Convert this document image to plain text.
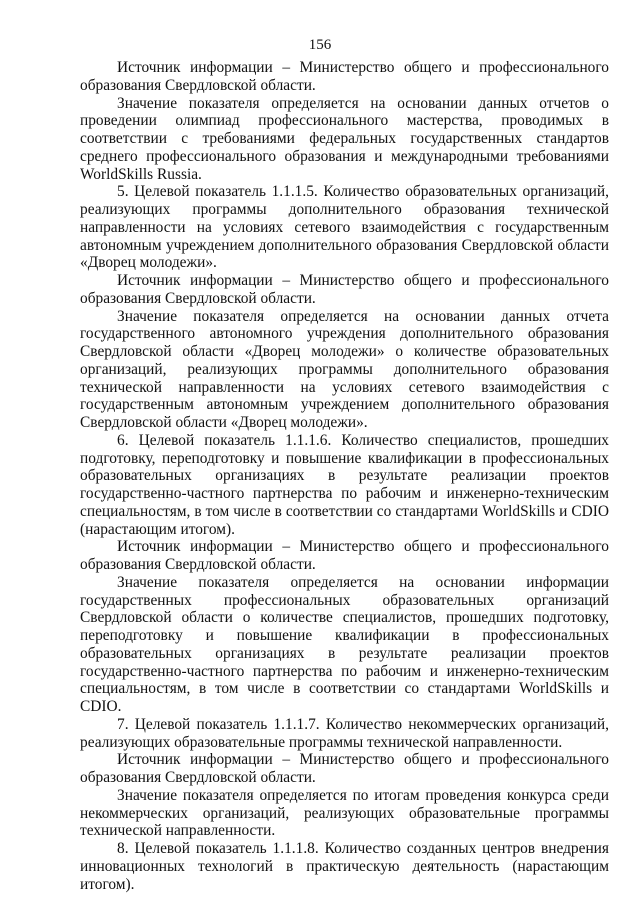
156

Источник информации – Министерство общего и профессионального образования Свердловской области.

Значение показателя определяется на основании данных отчетов о проведении олимпиад профессионального мастерства, проводимых в соответствии с требованиями федеральных государственных стандартов среднего профессионального образования и международными требованиями WorldSkills Russia.

5. Целевой показатель 1.1.1.5. Количество образовательных организаций, реализующих программы дополнительного образования технической направленности на условиях сетевого взаимодействия с государственным автономным учреждением дополнительного образования Свердловской области «Дворец молодежи».

Источник информации – Министерство общего и профессионального образования Свердловской области.

Значение показателя определяется на основании данных отчета государственного автономного учреждения дополнительного образования Свердловской области «Дворец молодежи» о количестве образовательных организаций, реализующих программы дополнительного образования технической направленности на условиях сетевого взаимодействия с государственным автономным учреждением дополнительного образования Свердловской области «Дворец молодежи».

6. Целевой показатель 1.1.1.6. Количество специалистов, прошедших подготовку, переподготовку и повышение квалификации в профессиональных образовательных организациях в результате реализации проектов государственно-частного партнерства по рабочим и инженерно-техническим специальностям, в том числе в соответствии со стандартами WorldSkills и CDIO (нарастающим итогом).

Источник информации – Министерство общего и профессионального образования Свердловской области.

Значение показателя определяется на основании информации государственных профессиональных образовательных организаций Свердловской области о количестве специалистов, прошедших подготовку, переподготовку и повышение квалификации в профессиональных образовательных организациях в результате реализации проектов государственно-частного партнерства по рабочим и инженерно-техническим специальностям, в том числе в соответствии со стандартами WorldSkills и CDIO.

7. Целевой показатель 1.1.1.7. Количество некоммерческих организаций, реализующих образовательные программы технической направленности.

Источник информации – Министерство общего и профессионального образования Свердловской области.

Значение показателя определяется по итогам проведения конкурса среди некоммерческих организаций, реализующих образовательные программы технической направленности.

8. Целевой показатель 1.1.1.8. Количество созданных центров внедрения инновационных технологий в практическую деятельность (нарастающим итогом).
